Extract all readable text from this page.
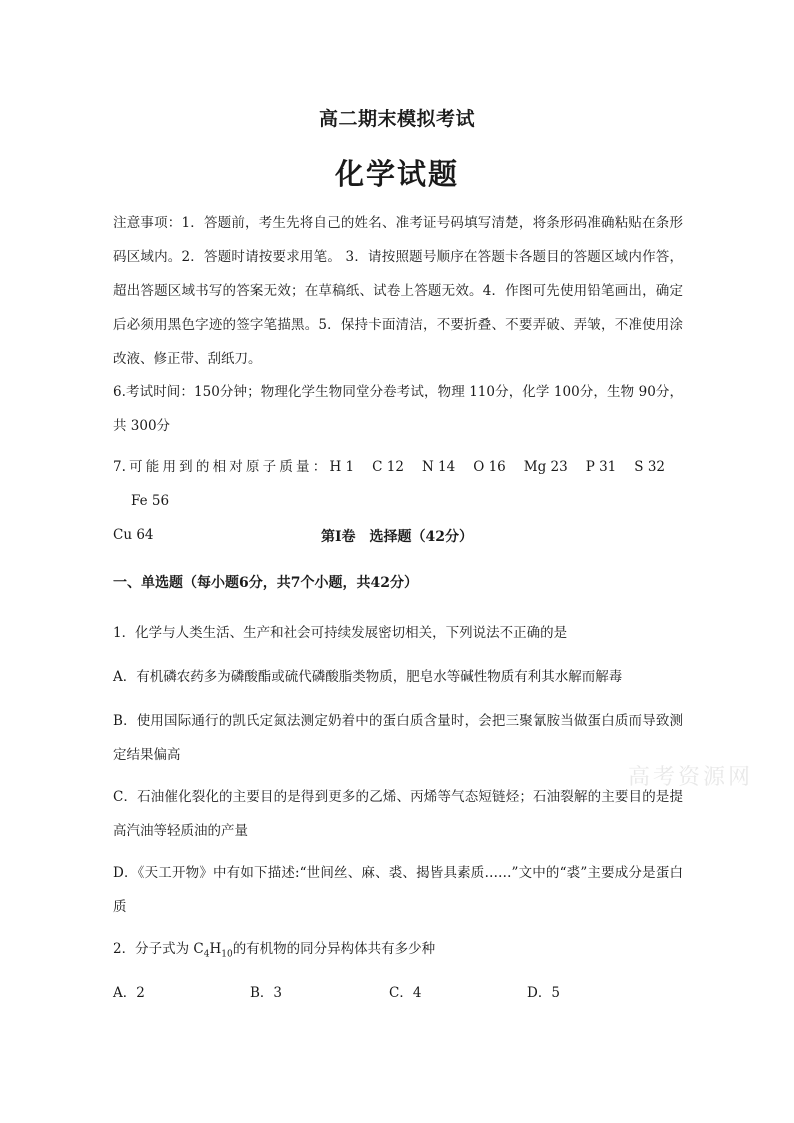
高二期末模拟考试
化学试题
注意事项：1．答题前，考生先将自己的姓名、准考证号码填写清楚，将条形码准确粘贴在条形码区域内。2．答题时请按要求用笔。 3．请按照题号顺序在答题卡各题目的答题区域内作答，超出答题区域书写的答案无效；在草稿纸、试卷上答题无效。4．作图可先使用铅笔画出，确定后必须用黑色字迹的签字笔描黑。5．保持卡面清洁，不要折叠、不要弄破、弄皱，不准使用涂改液、修正带、刮纸刀。
6.考试时间：150分钟；物理化学生物同堂分卷考试，物理 110分，化学 100分，生物 90分，共 300分
7.可能用到的相对原子质量：H 1 C 12 N 14 O 16 Mg 23 P 31 S 32Fe 56
Cu 64	第Ⅰ卷　选择题（42分）
一、单选题（每小题6分，共7个小题，共42分）
1．化学与人类生活、生产和社会可持续发展密切相关，下列说法不正确的是
A．有机磷农药多为磷酸酯或硫代磷酸脂类物质，肥皂水等碱性物质有利其水解而解毒
B．使用国际通行的凯氏定氮法测定奶着中的蛋白质含量时，会把三聚氰胺当做蛋白质而导致测定结果偏高
C．石油催化裂化的主要目的是得到更多的乙烯、丙烯等气态短链烃；石油裂解的主要目的是提高汽油等轻质油的产量
D．《天工开物》中有如下描述:“世间丝、麻、裘、揭皆具素质……”文中的“裘”主要成分是蛋白质
2．分子式为 $C_4H_{10}$的有机物的同分异构体共有多少种
A．2	B．3	C．4	D．5
高考资源网
